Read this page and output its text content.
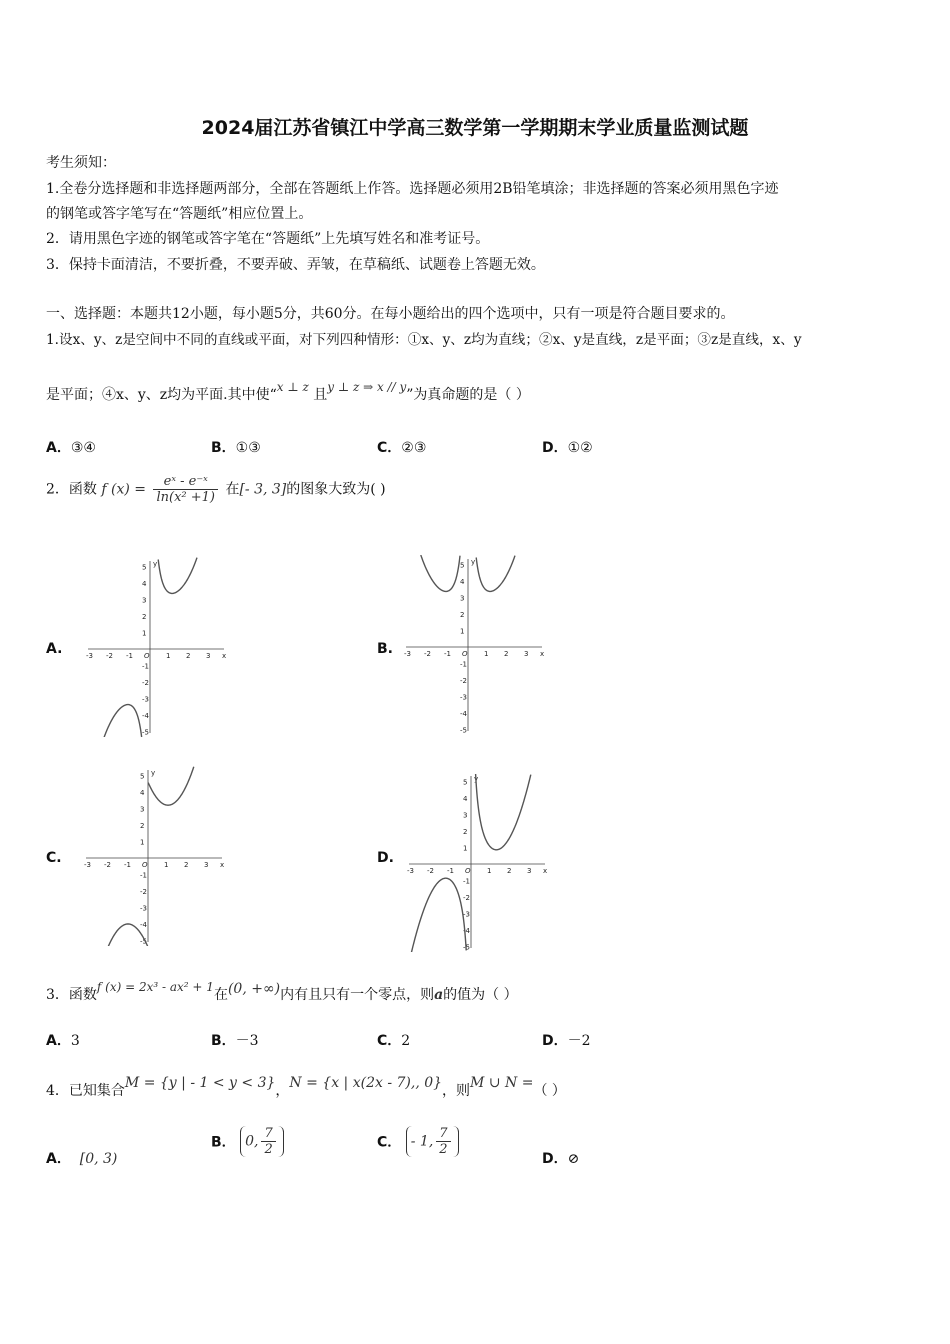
2024届江苏省镇江中学高三数学第一学期期末学业质量监测试题
考生须知：
1.全卷分选择题和非选择题两部分，全部在答题纸上作答。选择题必须用2B铅笔填涂；非选择题的答案必须用黑色字迹
的钢笔或答字笔写在“答题纸”相应位置上。
2．请用黑色字迹的钢笔或答字笔在“答题纸”上先填写姓名和准考证号。
3．保持卡面清洁，不要折叠，不要弄破、弄皱，在草稿纸、试题卷上答题无效。
一、选择题：本题共12小题，每小题5分，共60分。在每小题给出的四个选项中，只有一项是符合题目要求的。
1.设x、y、z是空间中不同的直线或平面，对下列四种情形：①x、y、z均为直线；②x、y是直线，z是平面；③z是直线，x、y
是平面；④x、y、z均为平面.其中使“x ⊥ z 且y ⊥ z ⇒ x // y”为真命题的是（ ）
A．③④	B．①③	C．②③	D．①②
2．函数 f $(x) = \frac{\text{eˣ - e⁻ˣ}}{\text{ln(x² +1)}}$ 在[- 3, 3]的图象大致为( )
A.	B.
C.	D.
-3 -2 -1	1 2 3
5
4
3
2
1
-1
-2
-3
-4
-5
x
y
O	-3 -2 -1	1 2 3
5
4
3
2
1
-1
-2
-3
-4
-5
x
y
O
-3 -2 -1	1 2 3
5
4
3
2
1
-1
-2
-3
-4
-5
x
y
O
-3 -2 -1	1 2 3
5
4
3
2
1
-1
-2
-3
-4
-5
x
y
O
3．函数f (x) = 2x³ - ax² + 1在(0, +∞)内有且只有一个零点，则a的值为（ ）
A．3	B．－3	C．2	D．－2
4．已知集合M = {y | - 1 < y < 3}，N = {x | x(2x - 7),, 0}，则M ∪ N =（ ）
A． [0, 3)
B． 0, $\frac{7}{2}$	C． - 1, $\frac{7}{2}$
D．⊘
